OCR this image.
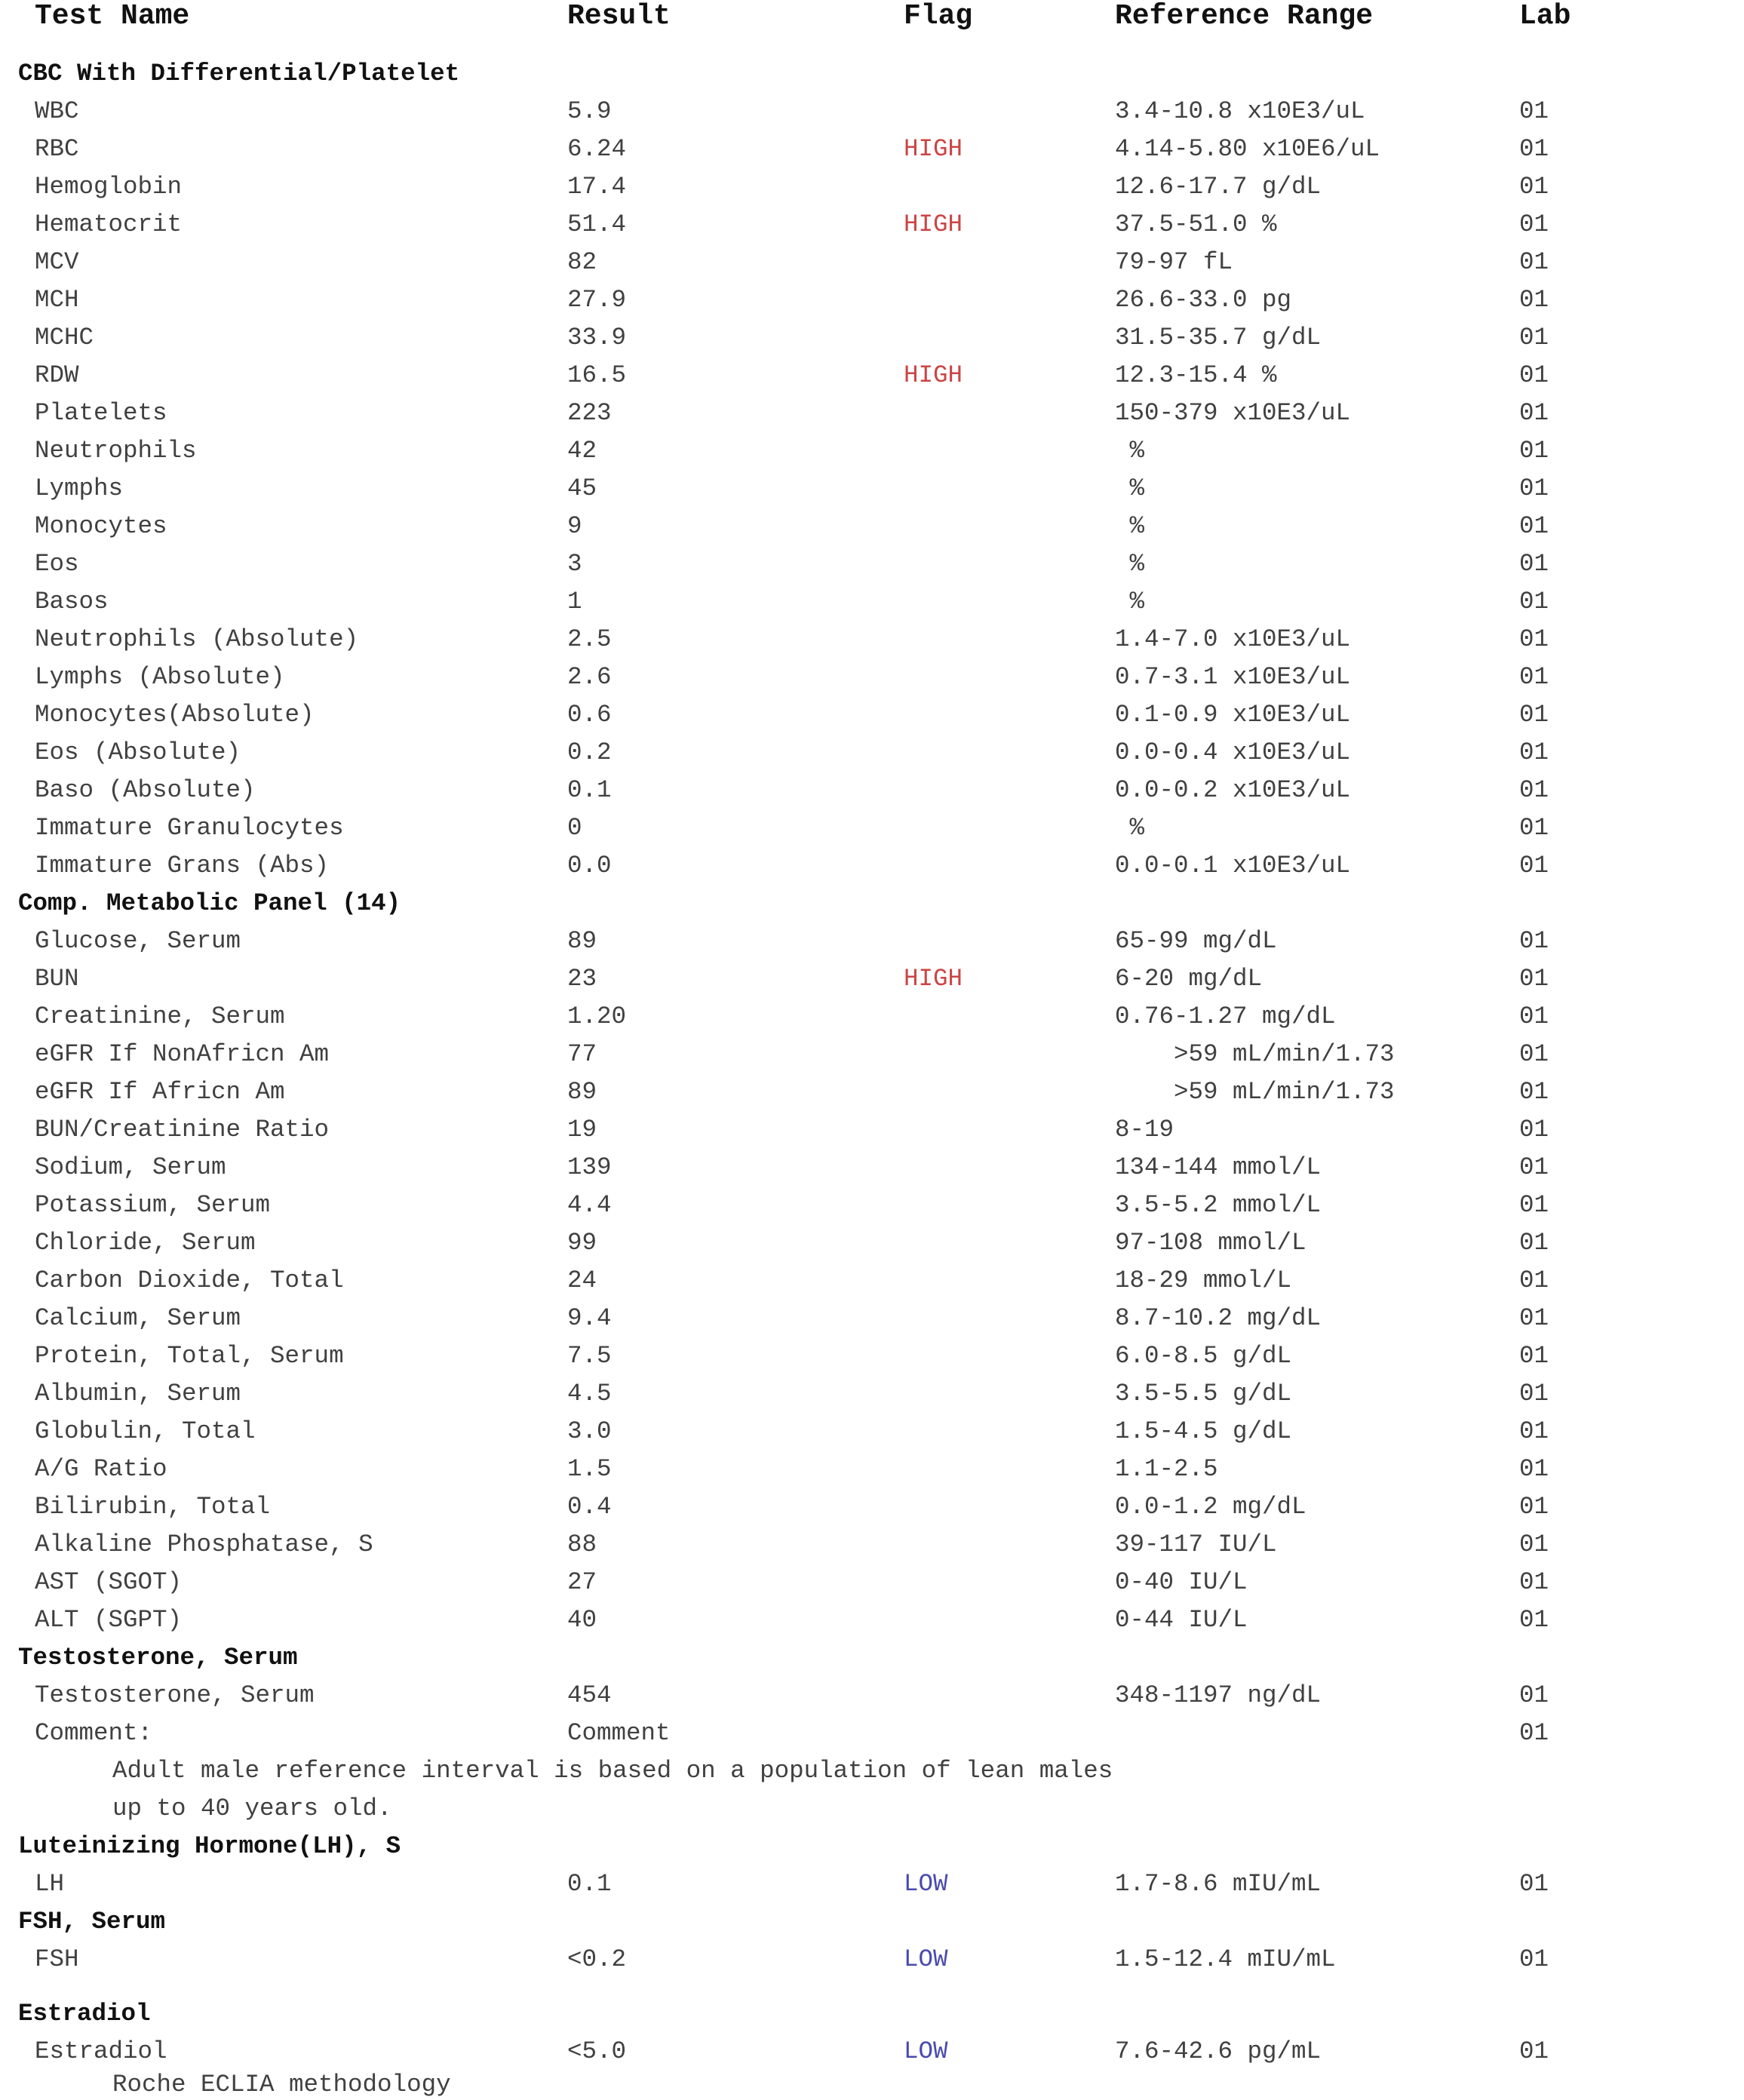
Test Name	Result	Flag	Reference Range	Lab
CBC With Differential/Platelet
WBC	5.9	3.4-10.8 x10E3/uL	01
RBC	6.24	HIGH	4.14-5.80 x10E6/uL	01
Hemoglobin	17.4	12.6-17.7 g/dL	01
Hematocrit	51.4	HIGH	37.5-51.0 %	01
MCV	82	79-97 fL	01
MCH	27.9	26.6-33.0 pg	01
MCHC	33.9	31.5-35.7 g/dL	01
RDW	16.5	HIGH	12.3-15.4 %	01
Platelets	223	150-379 x10E3/uL	01
Neutrophils	42	%	01
Lymphs	45	%	01
Monocytes	9	%	01
Eos	3	%	01
Basos	1	%	01
Neutrophils (Absolute)	2.5	1.4-7.0 x10E3/uL	01
Lymphs (Absolute)	2.6	0.7-3.1 x10E3/uL	01
Monocytes(Absolute)	0.6	0.1-0.9 x10E3/uL	01
Eos (Absolute)	0.2	0.0-0.4 x10E3/uL	01
Baso (Absolute)	0.1	0.0-0.2 x10E3/uL	01
Immature Granulocytes	0	%	01
Immature Grans (Abs)	0.0	0.0-0.1 x10E3/uL	01
Comp. Metabolic Panel (14)
Glucose, Serum	89	65-99 mg/dL	01
BUN	23	HIGH	6-20 mg/dL	01
Creatinine, Serum	1.20	0.76-1.27 mg/dL	01
eGFR If NonAfricn Am	77	>59 mL/min/1.73	01
eGFR If Africn Am	89	>59 mL/min/1.73	01
BUN/Creatinine Ratio	19	8-19	01
Sodium, Serum	139	134-144 mmol/L	01
Potassium, Serum	4.4	3.5-5.2 mmol/L	01
Chloride, Serum	99	97-108 mmol/L	01
Carbon Dioxide, Total	24	18-29 mmol/L	01
Calcium, Serum	9.4	8.7-10.2 mg/dL	01
Protein, Total, Serum	7.5	6.0-8.5 g/dL	01
Albumin, Serum	4.5	3.5-5.5 g/dL	01
Globulin, Total	3.0	1.5-4.5 g/dL	01
A/G Ratio	1.5	1.1-2.5	01
Bilirubin, Total	0.4	0.0-1.2 mg/dL	01
Alkaline Phosphatase, S	88	39-117 IU/L	01
AST (SGOT)	27	0-40 IU/L	01
ALT (SGPT)	40	0-44 IU/L	01
Testosterone, Serum
Testosterone, Serum	454	348-1197 ng/dL	01
Comment:	Comment	01
Adult male reference interval is based on a population of lean males
up to 40 years old.
Luteinizing Hormone(LH), S
LH	0.1	LOW	1.7-8.6 mIU/mL	01
FSH, Serum
FSH	<0.2	LOW	1.5-12.4 mIU/mL	01
Estradiol
Estradiol	<5.0	LOW	7.6-42.6 pg/mL	01
Roche ECLIA methodology
